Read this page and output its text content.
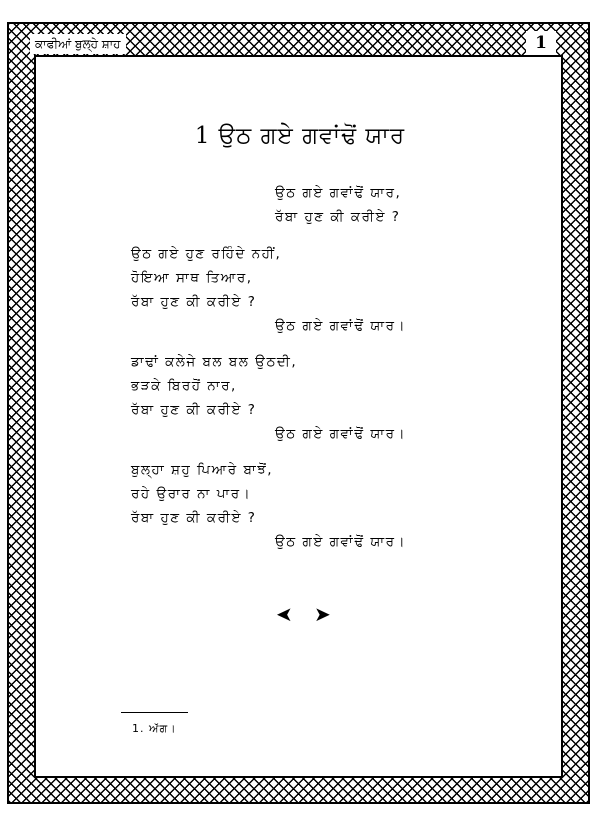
ਕਾਫੀਆਂ ਬੁਲ੍ਹੇ ਸ਼ਾਹ	1
1 ਉਠ ਗਏ ਗਵਾਂਢੋਂ ਯਾਰ
ਉਠ ਗਏ ਗਵਾਂਢੋਂ ਯਾਰ,
ਰੱਬਾ ਹੁਣ ਕੀ ਕਰੀਏ ?
ਉਠ ਗਏ ਹੁਣ ਰਹਿੰਦੇ ਨਹੀਂ,
ਹੋਇਆ ਸਾਥ ਤਿਆਰ,
ਰੱਬਾ ਹੁਣ ਕੀ ਕਰੀਏ ?
ਉਠ ਗਏ ਗਵਾਂਢੋਂ ਯਾਰ।
ਡਾਢਾਂ ਕਲੇਜੇ ਬਲ ਬਲ ਉਠਦੀ,
ਭੜਕੇ ਬਿਰਹੋਂ ਨਾਰ,
ਰੱਬਾ ਹੁਣ ਕੀ ਕਰੀਏ ?
ਉਠ ਗਏ ਗਵਾਂਢੋਂ ਯਾਰ।
ਬੁਲ੍ਹਾ ਸ਼ਹੁ ਪਿਆਰੇ ਬਾਝੋਂ,
ਰਹੇ ਉਰਾਰ ਨਾ ਪਾਰ।
ਰੱਬਾ ਹੁਣ ਕੀ ਕਰੀਏ ?
ਉਠ ਗਏ ਗਵਾਂਢੋਂ ਯਾਰ।
➤ ➤
1. ਅੱਗ।
